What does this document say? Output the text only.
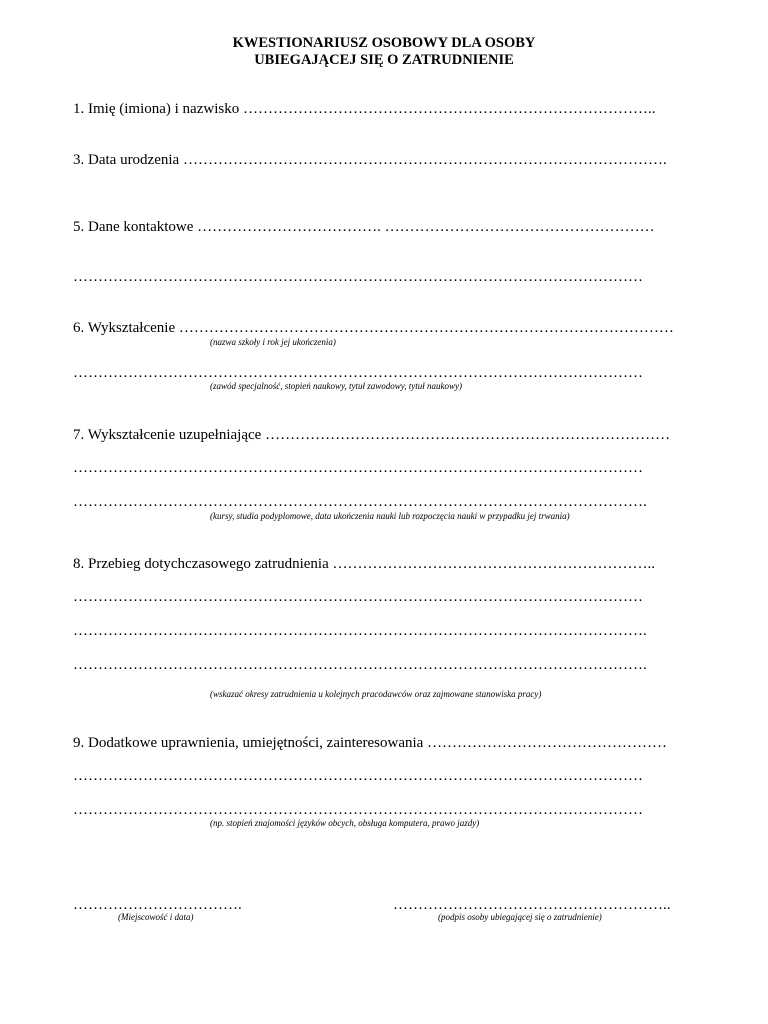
KWESTIONARIUSZ OSOBOWY DLA OSOBY
UBIEGAJĄCEJ SIĘ O ZATRUDNIENIE
1. Imię (imiona) i nazwisko ………………………………………………………………………..
3. Data urodzenia …………………………………………………………………………………….
5. Dane kontaktowe ………………………………. ………………………………………………
……………………………………………………………………………………………………
6. Wykształcenie ………………………………………………………………………………………
(nazwa szkoły i rok jej ukończenia)
……………………………………………………………………………………………………
(zawód specjalność, stopień naukowy, tytuł zawodowy, tytuł naukowy)
7. Wykształcenie uzupełniające ………………………………………………………………………
……………………………………………………………………………………………………
…………………………………………………………………………………………………….
(kursy, studia podyplomowe, data ukończenia nauki lub rozpoczęcia nauki w przypadku jej trwania)
8. Przebieg dotychczasowego zatrudnienia ………………………………………………………..
……………………………………………………………………………………………………
…………………………………………………………………………………………………….
…………………………………………………………………………………………………….
(wskazać okresy zatrudnienia u kolejnych pracodawców oraz zajmowane stanowiska pracy)
9. Dodatkowe uprawnienia, umiejętności, zainteresowania …………………………………………
……………………………………………………………………………………………………
……………………………………………………………………………………………………
(np. stopień znajomości języków obcych, obsługa komputera, prawo jazdy)
…………………………….
(Miejscowość i data)
………………………………………………..
(podpis osoby ubiegającej się o zatrudnienie)
